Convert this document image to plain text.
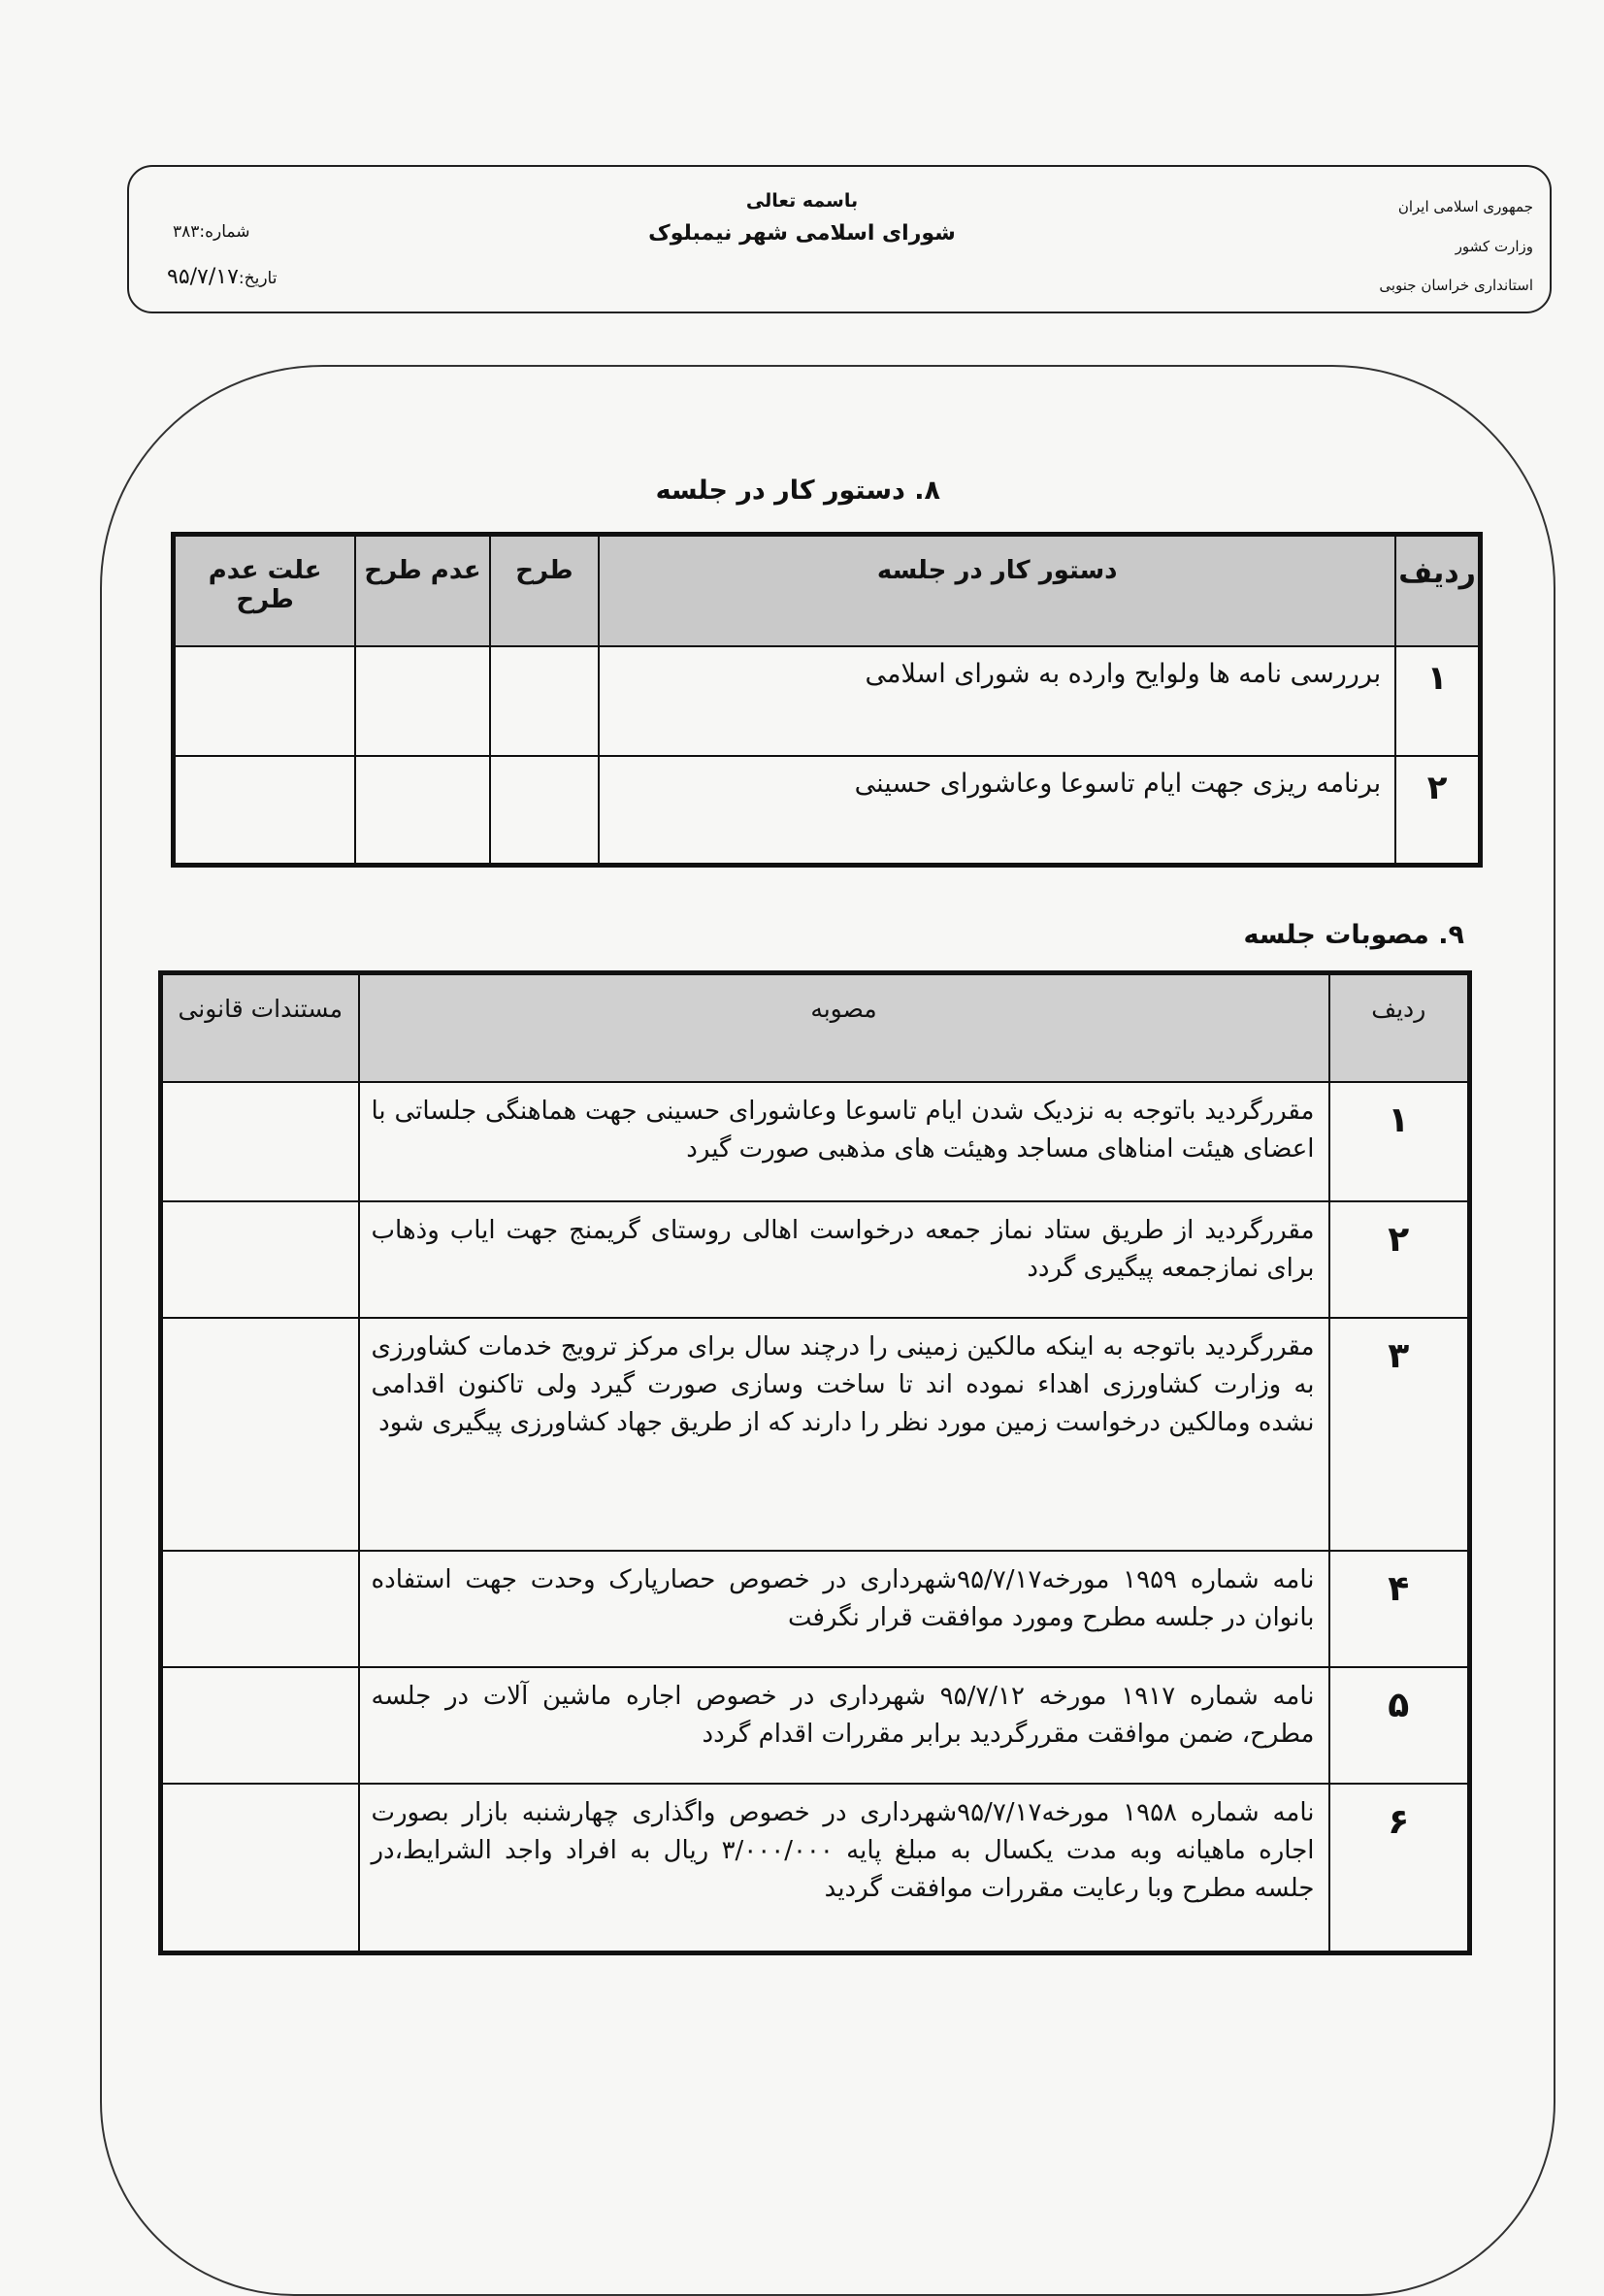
باسمه تعالی
شورای اسلامی شهر نیمبلوک
جمهوری اسلامی ایران
وزارت کشور
استانداری خراسان جنوبی
شماره:۳۸۳
تاریخ:۹۵/۷/۱۷
۸. دستور کار در جلسه
ردیف	دستور کار در جلسه	طرح	عدم طرح	علت عدم طرح
۱	برررسی نامه ها ولوایح وارده به شورای اسلامی			
۲	برنامه ریزی جهت ایام تاسوعا وعاشورای حسینی			
۹. مصوبات جلسه
ردیف	مصوبه	مستندات قانونی
۱	مقررگردید باتوجه به نزدیک شدن ایام تاسوعا وعاشورای حسینی جهت هماهنگی جلساتی با اعضای هیئت امناهای مساجد وهیئت های مذهبی صورت گیرد	
۲	مقررگردید از طریق ستاد نماز جمعه درخواست اهالی روستای گریمنج جهت ایاب وذهاب برای نمازجمعه پیگیری گردد	
۳	مقررگردید باتوجه به اینکه مالکین زمینی را درچند سال برای مرکز ترویج خدمات کشاورزی به وزارت کشاورزی اهداء نموده اند تا ساخت وسازی صورت گیرد ولی تاکنون اقدامی نشده ومالکین درخواست زمین مورد نظر را دارند که از طریق جهاد کشاورزی پیگیری شود	
۴	نامه شماره ۱۹۵۹ مورخه۹۵/۷/۱۷شهرداری در خصوص حصارپارک وحدت جهت استفاده بانوان در جلسه مطرح ومورد موافقت قرار نگرفت	
۵	نامه شماره ۱۹۱۷ مورخه ۹۵/۷/۱۲ شهرداری در خصوص اجاره ماشین آلات در جلسه مطرح، ضمن موافقت مقررگردید برابر مقررات اقدام گردد	
۶	نامه شماره ۱۹۵۸ مورخه۹۵/۷/۱۷شهرداری در خصوص واگذاری چهارشنبه بازار بصورت اجاره ماهیانه وبه مدت یکسال به مبلغ پایه ۳/۰۰۰/۰۰۰ ریال به افراد واجد الشرایط،در جلسه مطرح وبا رعایت مقررات موافقت گردید	
